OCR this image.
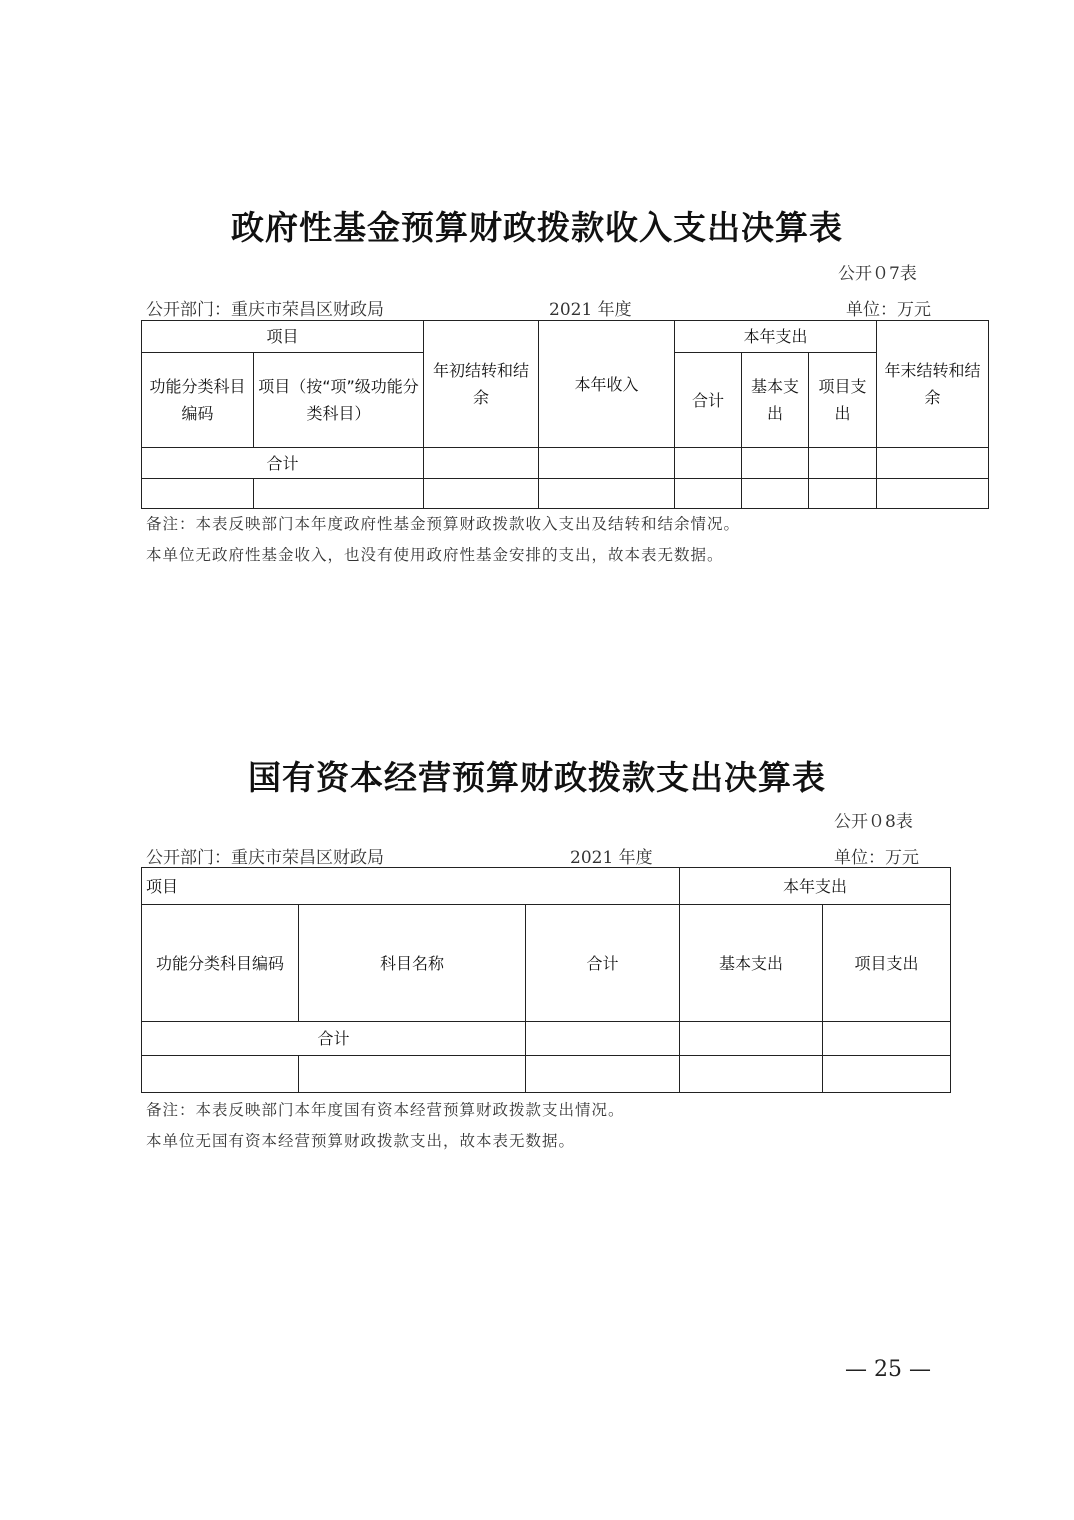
政府性基金预算财政拨款收入支出决算表
公开０7表
公开部门：重庆市荣昌区财政局	2021 年度	单位：万元
项目		年初结转和结余	本年收入	本年支出			年末结转和结余
功能分类科目编码	项目（按“项”级功能分类科目）			合计	基本支出	项目支出	
合计							

备注：本表反映部门本年度政府性基金预算财政拨款收入支出及结转和结余情况。
本单位无政府性基金收入，也没有使用政府性基金安排的支出，故本表无数据。
国有资本经营预算财政拨款支出决算表
公开０8表
公开部门：重庆市荣昌区财政局	2021 年度	单位：万元
项目			本年支出	
功能分类科目编码	科目名称	合计	基本支出	项目支出
合计				

备注：本表反映部门本年度国有资本经营预算财政拨款支出情况。
本单位无国有资本经营预算财政拨款支出，故本表无数据。
— 25 —
